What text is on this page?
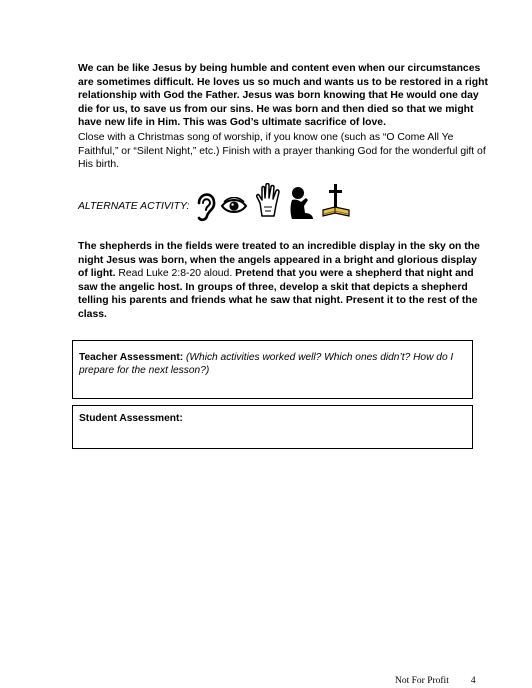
We can be like Jesus by being humble and content even when our circumstances are sometimes difficult. He loves us so much and wants us to be restored in a right relationship with God the Father. Jesus was born knowing that He would one day die for us, to save us from our sins. He was born and then died so that we might have new life in Him. This was God’s ultimate sacrifice of love.

Close with a Christmas song of worship, if you know one (such as “O Come All Ye Faithful,” or “Silent Night,” etc.) Finish with a prayer thanking God for the wonderful gift of His birth.

ALTERNATE ACTIVITY:

The shepherds in the fields were treated to an incredible display in the sky on the night Jesus was born, when the angels appeared in a bright and glorious display of light. Read Luke 2:8-20 aloud. Pretend that you were a shepherd that night and saw the angelic host. In groups of three, develop a skit that depicts a shepherd telling his parents and friends what he saw that night. Present it to the rest of the class.

Teacher Assessment: (Which activities worked well? Which ones didn’t? How do I prepare for the next lesson?)
Student Assessment:
Not For Profit 4
